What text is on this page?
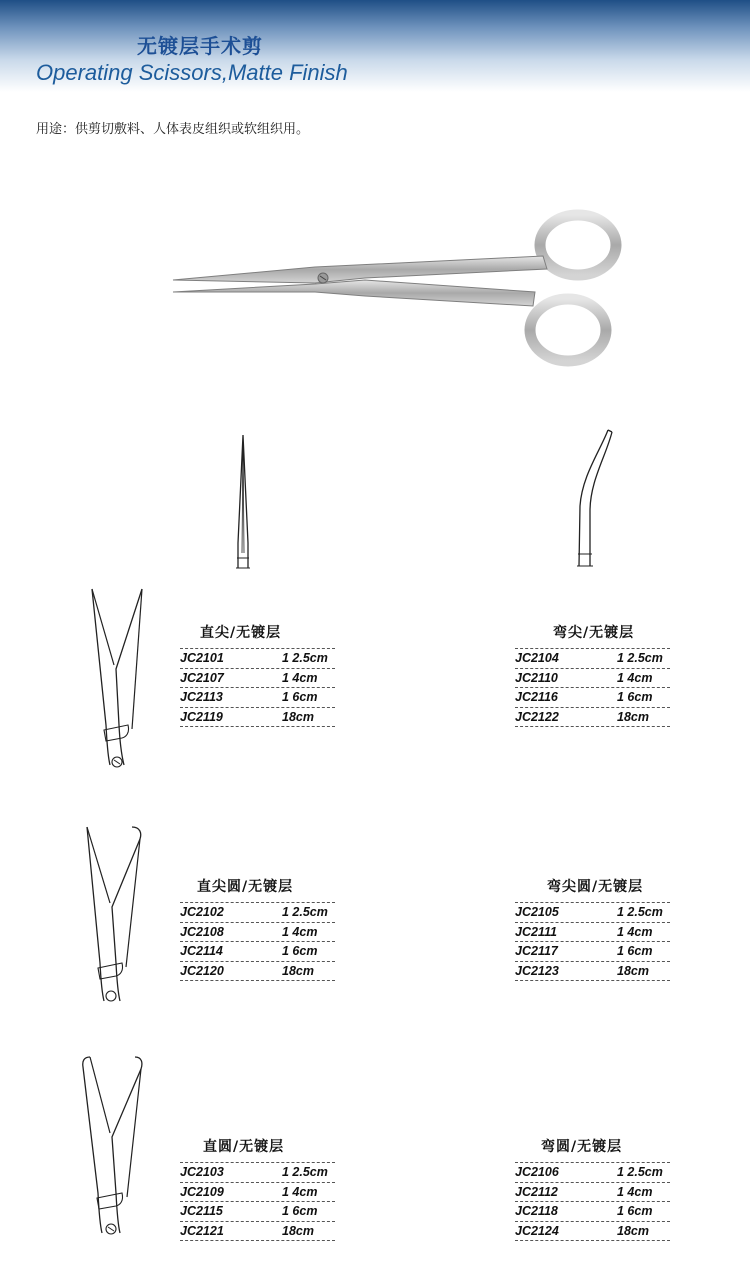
无镀层手术剪
Operating Scissors,Matte Finish
用途：供剪切敷料、人体表皮组织或软组织用。
直尖/无镀层
JC2101	1 2.5cm
JC2107	1 4cm
JC2113	1 6cm
JC2119	18cm
弯尖/无镀层
JC2104	1 2.5cm
JC2110	1 4cm
JC2116	1 6cm
JC2122	18cm
直尖圆/无镀层
JC2102	1 2.5cm
JC2108	1 4cm
JC2114	1 6cm
JC2120	18cm
弯尖圆/无镀层
JC2105	1 2.5cm
JC2111	1 4cm
JC2117	1 6cm
JC2123	18cm
直圆/无镀层
JC2103	1 2.5cm
JC2109	1 4cm
JC2115	1 6cm
JC2121	18cm
弯圆/无镀层
JC2106	1 2.5cm
JC2112	1 4cm
JC2118	1 6cm
JC2124	18cm
